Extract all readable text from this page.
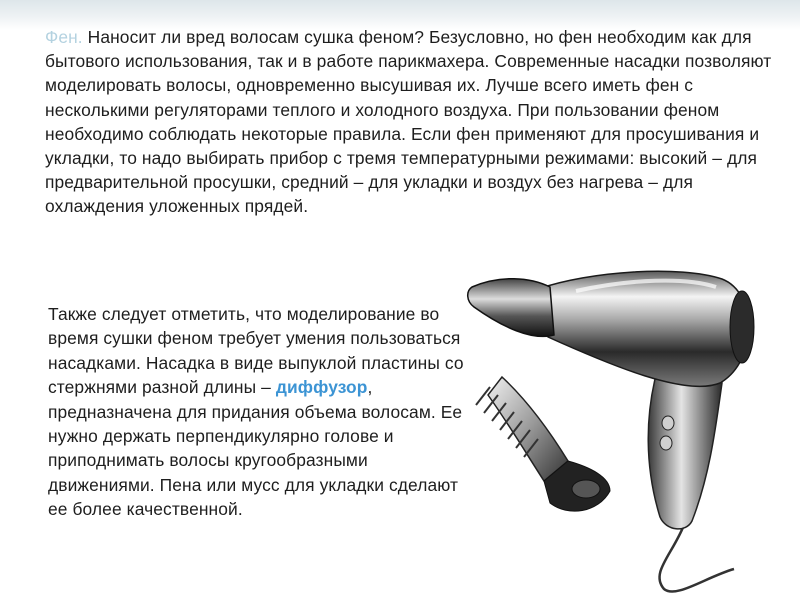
Фен. Наносит ли вред волосам сушка феном? Безусловно, но фен необходим как для бытового использования, так и в работе парикмахера. Современные насадки позволяют моделировать волосы, одновременно высушивая их. Лучше всего иметь фен с несколькими регуляторами теплого и холодного воздуха. При пользовании феном необходимо соблюдать некоторые правила. Если фен применяют для просушивания и укладки, то надо выбирать прибор с тремя температурными режимами: высокий – для предварительной просушки, средний – для укладки и воздух без нагрева – для охлаждения уложенных прядей.

Также следует отметить, что моделирование во время сушки феном требует умения пользоваться насадками. Насадка в виде выпуклой пластины со стержнями разной длины – диффузор, предназначена для придания объема волосам. Ее нужно держать перпендикулярно голове и приподнимать волосы кругообразными движениями. Пена или мусс для укладки сделают ее более качественной.
